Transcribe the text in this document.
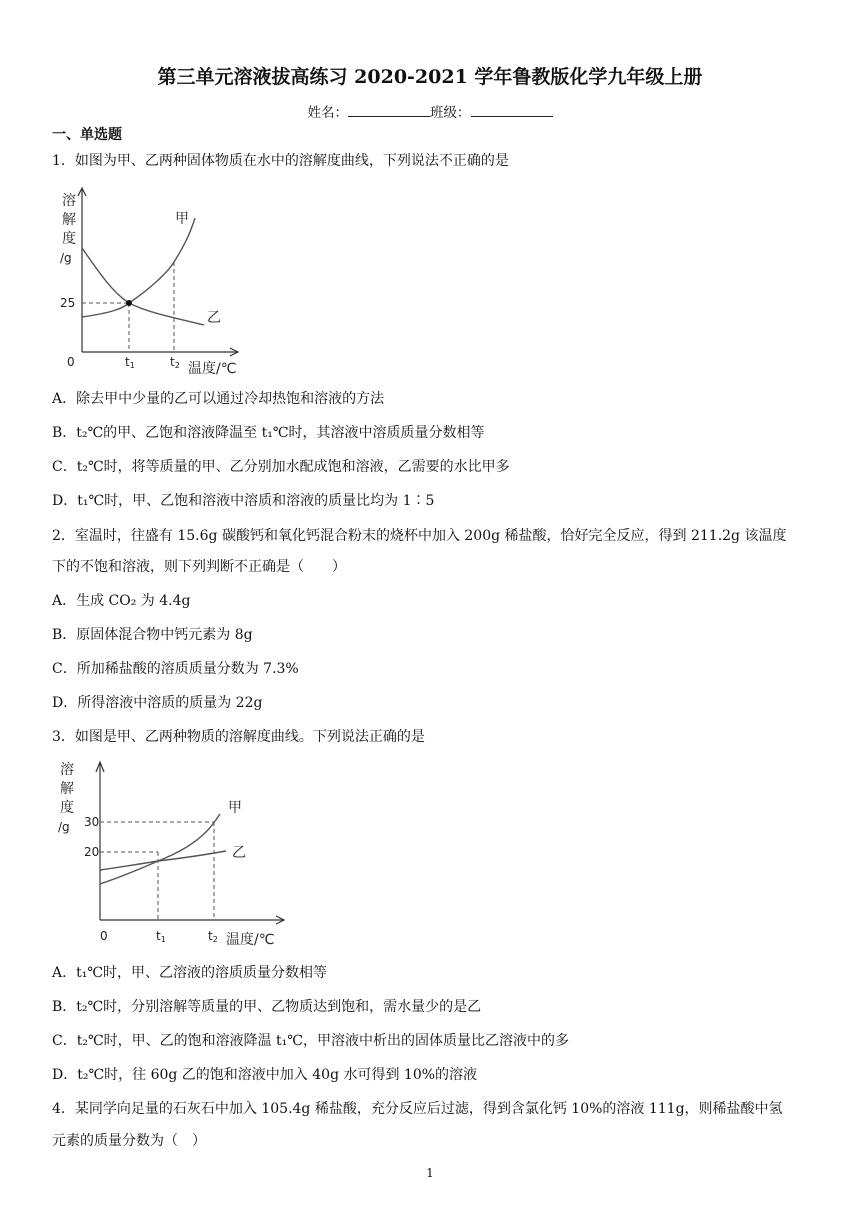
第三单元溶液拔高练习 2020-2021 学年鲁教版化学九年级上册
姓名：	班级：
一、单选题
1．如图为甲、乙两种固体物质在水中的溶解度曲线，下列说法不正确的是
溶
解
度
/g
25
0	t1	t2 温度/℃
甲
乙
A．除去甲中少量的乙可以通过冷却热饱和溶液的方法
B．t₂℃的甲、乙饱和溶液降温至 t₁℃时，其溶液中溶质质量分数相等
C．t₂℃时，将等质量的甲、乙分别加水配成饱和溶液，乙需要的水比甲多
D．t₁℃时，甲、乙饱和溶液中溶质和溶液的质量比均为 1∶5
2．室温时，往盛有 15.6g 碳酸钙和氧化钙混合粉末的烧杯中加入 200g 稀盐酸，恰好完全反应，得到 211.2g 该温度
下的不饱和溶液，则下列判断不正确是（　　）
A．生成 CO₂ 为 4.4g
B．原固体混合物中钙元素为 8g
C．所加稀盐酸的溶质质量分数为 7.3%
D．所得溶液中溶质的质量为 22g
3．如图是甲、乙两种物质的溶解度曲线。下列说法正确的是
溶
解
度
/g 30
20
0	t1	t2 温度/℃
甲
乙
A．t₁℃时，甲、乙溶液的溶质质量分数相等
B．t₂℃时，分别溶解等质量的甲、乙物质达到饱和，需水量少的是乙
C．t₂℃时，甲、乙的饱和溶液降温 t₁℃，甲溶液中析出的固体质量比乙溶液中的多
D．t₂℃时，往 60g 乙的饱和溶液中加入 40g 水可得到 10%的溶液
4．某同学向足量的石灰石中加入 105.4g 稀盐酸，充分反应后过滤，得到含氯化钙 10%的溶液 111g，则稀盐酸中氢
元素的质量分数为（　）
1
